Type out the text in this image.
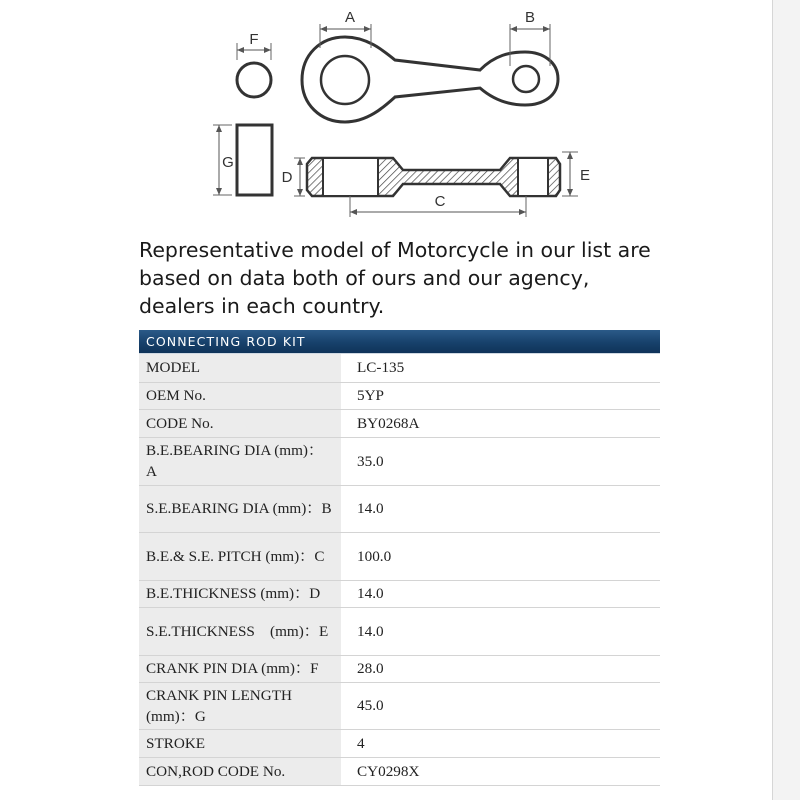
F
G
A	B
D	E
C

Representative model of Motorcycle in our list are based on data both of ours and our agency, dealers in each country.

CONNECTING ROD KIT
MODEL	LC-135
OEM No.	5YP
CODE No.	BY0268A
B.E.BEARING DIA (mm)：A	35.0
S.E.BEARING DIA (mm)：B	14.0
B.E.& S.E. PITCH (mm)：C	100.0
B.E.THICKNESS (mm)：D	14.0
S.E.THICKNESS　(mm)：E	14.0
CRANK PIN DIA (mm)：F	28.0
CRANK PIN LENGTH (mm)：G	45.0
STROKE	4
CON,ROD CODE No.	CY0298X
